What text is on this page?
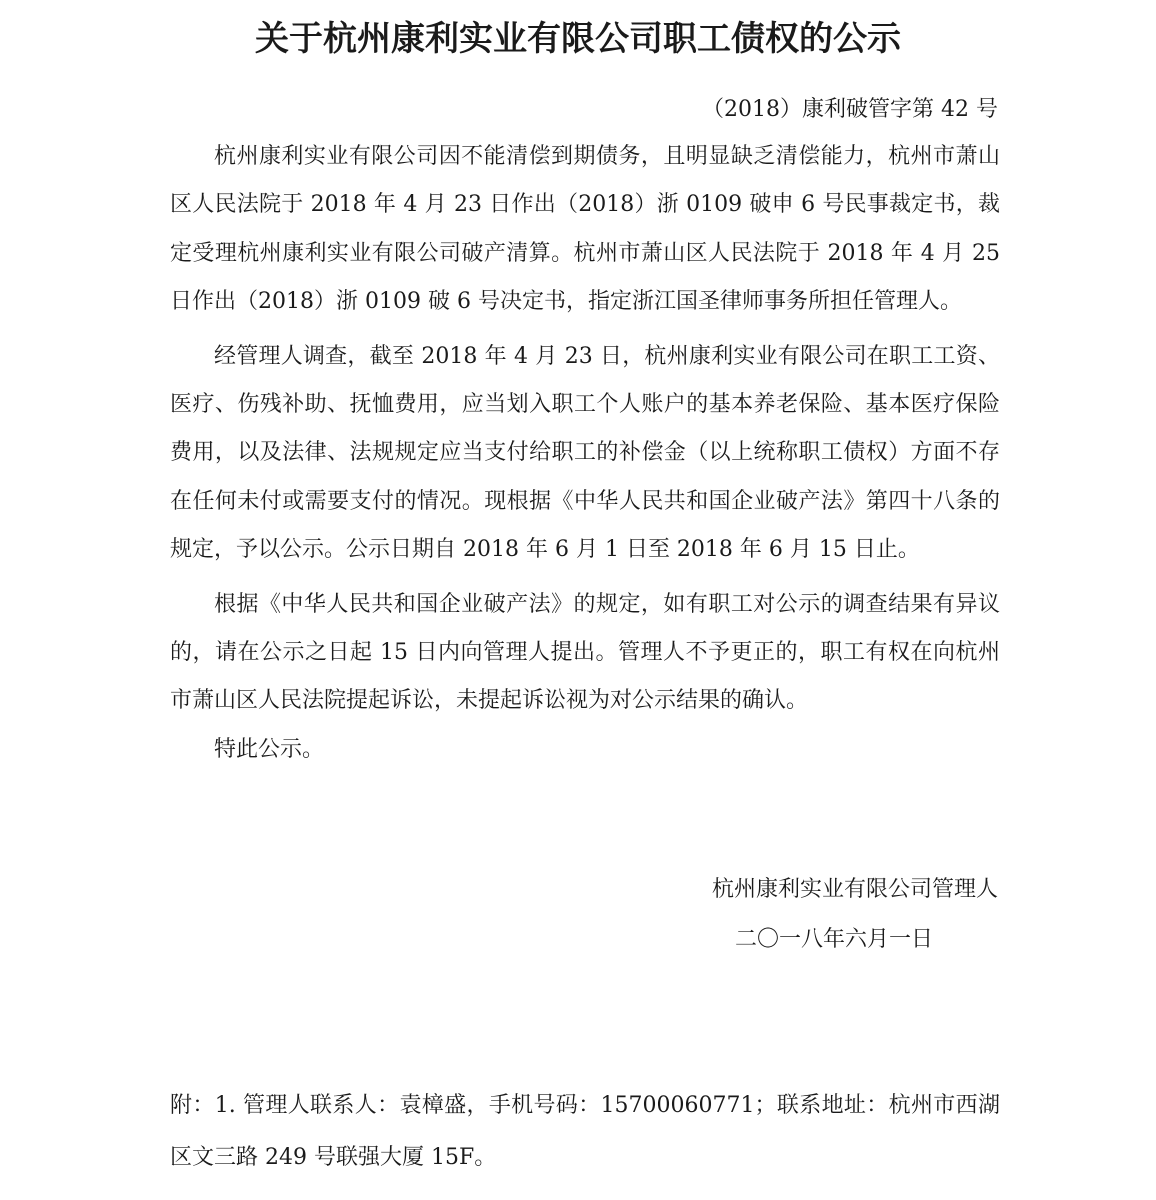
关于杭州康利实业有限公司职工债权的公示
（2018）康利破管字第 42 号

杭州康利实业有限公司因不能清偿到期债务，且明显缺乏清偿能力，杭州市萧山区人民法院于 2018 年 4 月 23 日作出（2018）浙 0109 破申 6 号民事裁定书，裁定受理杭州康利实业有限公司破产清算。杭州市萧山区人民法院于 2018 年 4 月 25 日作出（2018）浙 0109 破 6 号决定书，指定浙江国圣律师事务所担任管理人。

经管理人调查，截至 2018 年 4 月 23 日，杭州康利实业有限公司在职工工资、医疗、伤残补助、抚恤费用，应当划入职工个人账户的基本养老保险、基本医疗保险费用，以及法律、法规规定应当支付给职工的补偿金（以上统称职工债权）方面不存在任何未付或需要支付的情况。现根据《中华人民共和国企业破产法》第四十八条的规定，予以公示。公示日期自 2018 年 6 月 1 日至 2018 年 6 月 15 日止。

根据《中华人民共和国企业破产法》的规定，如有职工对公示的调查结果有异议的，请在公示之日起 15 日内向管理人提出。管理人不予更正的，职工有权在向杭州市萧山区人民法院提起诉讼，未提起诉讼视为对公示结果的确认。

特此公示。

杭州康利实业有限公司管理人
二〇一八年六月一日
附：1. 管理人联系人：袁樟盛，手机号码：15700060771；联系地址：杭州市西湖区文三路 249 号联强大厦 15F。
